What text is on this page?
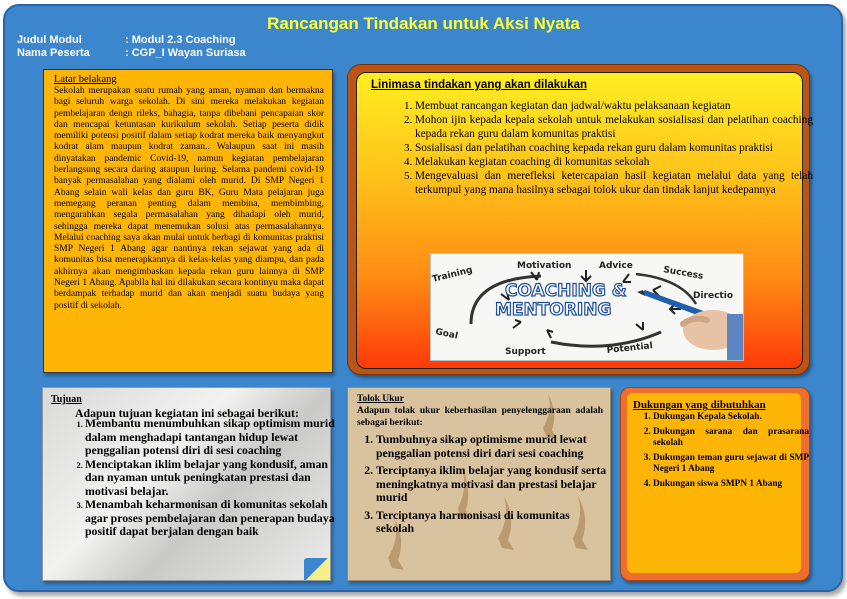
Rancangan Tindakan untuk Aksi Nyata
Judul Modul	: Modul 2.3 Coaching
Nama Peserta	: CGP_I Wayan Suriasa
Latar belakang

Sekolah merupakan suatu rumah yang aman, nyaman dan bermakna bagi seluruh warga sekolah. Di sini mereka melakukan kegiatan pembelajaran dengn rileks, bahagia, tanpa dibebani pencapaian skor dan mencapai ketuntasan kurikulum sekolah. Setiap peserta didik memiliki potensi positif dalam setiap kodrat mereka baik menyangkut kodrat alam maupun kodrat zaman.. Walaupun saat ini masih dinyatakan pandemic Covid-19, namun kegiatan pembelajaran berlangsung secara daring ataupun luring. Selama pandemi covid-19 banyak permasalahan yang dialami oleh murid. Di SMP Negeri 1 Abang selain wali kelas dan guru BK, Guru Mata pelajaran juga memegang peranan penting dalam membina, membimbing, mengarahkan segala permasalahan yang dihadapi oleh murid, sehingga mereka dapat menemukan solusi atas permasalahannya. Melalui coaching saya akan mulai untuk berbagi di komunitas praktisi SMP Negeri 1 Abang agar nantinya rekan sejawat yang ada di komunitas bisa menerapkannya di kelas-kelas yang diampu, dan pada akhirnya akan mengimbaskan kepada rekan guru lainnya di SMP Negeri 1 Abang. Apabila hal ini dilakukan secara kontinyu maka dapat berdampak terhadap murid dan akan menjadi suatu budaya yang positif di sekolah.

Linimasa tindakan yang akan dilakukan
1. Membuat rancangan kegiatan dan jadwal/waktu pelaksanaan kegiatan
2. Mohon ijin kepada kepala sekolah untuk melakukan sosialisasi dan pelatihan coaching kepada rekan guru dalam komunitas praktisi
3. Sosialisasi dan pelatihan coaching kepada rekan guru dalam komunitas praktisi
4. Melakukan kegiatan coaching di komunitas sekolah
5. Mengevaluasi dan merefleksi ketercapaian hasil kegiatan melalui data yang telah terkumpul yang mana hasilnya sebagai tolok ukur dan tindak lanjut kedepannya
Training	Motivation	Advice	Success
Directio
Goal
Support	Potential
COACHING &
MENTORING
Tujuan
Adapun tujuan kegiatan ini sebagai berikut:
1. Membantu menumbuhkan sikap optimism murid dalam menghadapi tantangan hidup lewat penggalian potensi diri di sesi coaching
2. Menciptakan iklim belajar yang kondusif, aman dan nyaman untuk peningkatan prestasi dan motivasi belajar.
3. Menambah keharmonisan di komunitas sekolah agar proses pembelajaran dan penerapan budaya positif dapat berjalan dengan baik
Tolok Ukur
Adapun tolak ukur keberhasilan penyelenggaraan adalah sebagai berikut:
1. Tumbuhnya sikap optimisme murid lewat penggalian potensi diri dari sesi coaching
2. Terciptanya iklim belajar yang kondusif serta meningkatnya motivasi dan prestasi belajar murid
3. Terciptanya harmonisasi di komunitas sekolah
Dukungan yang dibutuhkan
1. Dukungan Kepala Sekolah.
2. Dukungan sarana dan prasarana sekolah
3. Dukungan teman guru sejawat di SMP Negeri 1 Abang
4. Dukungan siswa SMPN 1 Abang
